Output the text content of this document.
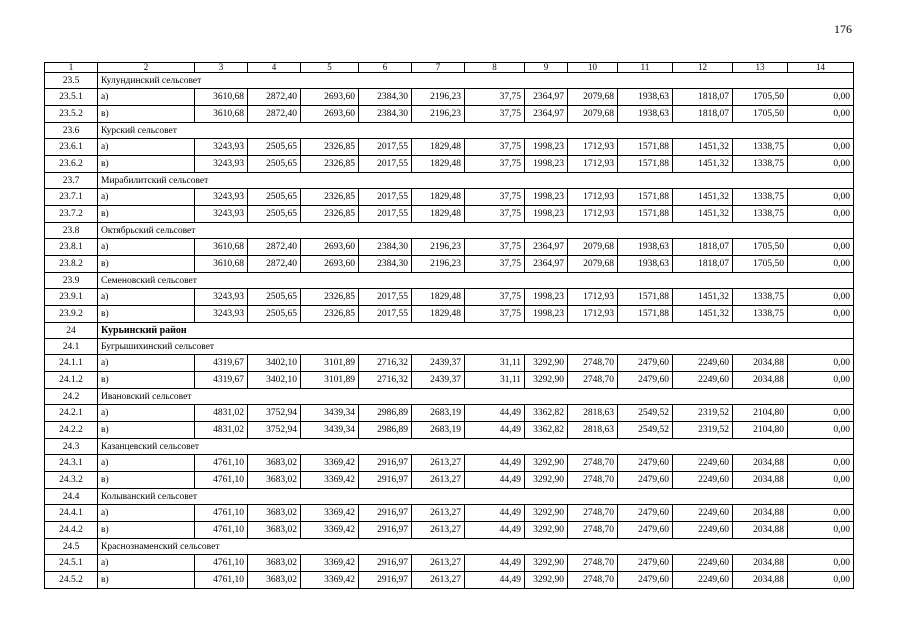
176
1	2	3	4	5	6	7	8	9	10	11	12	13	14
23.5	Кулундинский сельсовет												
23.5.1	а)	3610,68	2872,40	2693,60	2384,30	2196,23	37,75	2364,97	2079,68	1938,63	1818,07	1705,50	0,00
23.5.2	в)	3610,68	2872,40	2693,60	2384,30	2196,23	37,75	2364,97	2079,68	1938,63	1818,07	1705,50	0,00
23.6	Курский сельсовет												
23.6.1	а)	3243,93	2505,65	2326,85	2017,55	1829,48	37,75	1998,23	1712,93	1571,88	1451,32	1338,75	0,00
23.6.2	в)	3243,93	2505,65	2326,85	2017,55	1829,48	37,75	1998,23	1712,93	1571,88	1451,32	1338,75	0,00
23.7	Мирабилитский сельсовет												
23.7.1	а)	3243,93	2505,65	2326,85	2017,55	1829,48	37,75	1998,23	1712,93	1571,88	1451,32	1338,75	0,00
23.7.2	в)	3243,93	2505,65	2326,85	2017,55	1829,48	37,75	1998,23	1712,93	1571,88	1451,32	1338,75	0,00
23.8	Октябрьский сельсовет												
23.8.1	а)	3610,68	2872,40	2693,60	2384,30	2196,23	37,75	2364,97	2079,68	1938,63	1818,07	1705,50	0,00
23.8.2	в)	3610,68	2872,40	2693,60	2384,30	2196,23	37,75	2364,97	2079,68	1938,63	1818,07	1705,50	0,00
23.9	Семеновский сельсовет												
23.9.1	а)	3243,93	2505,65	2326,85	2017,55	1829,48	37,75	1998,23	1712,93	1571,88	1451,32	1338,75	0,00
23.9.2	в)	3243,93	2505,65	2326,85	2017,55	1829,48	37,75	1998,23	1712,93	1571,88	1451,32	1338,75	0,00
24	Курьинский район												
24.1	Бугрышихинский сельсовет												
24.1.1	а)	4319,67	3402,10	3101,89	2716,32	2439,37	31,11	3292,90	2748,70	2479,60	2249,60	2034,88	0,00
24.1.2	в)	4319,67	3402,10	3101,89	2716,32	2439,37	31,11	3292,90	2748,70	2479,60	2249,60	2034,88	0,00
24.2	Ивановский сельсовет												
24.2.1	а)	4831,02	3752,94	3439,34	2986,89	2683,19	44,49	3362,82	2818,63	2549,52	2319,52	2104,80	0,00
24.2.2	в)	4831,02	3752,94	3439,34	2986,89	2683,19	44,49	3362,82	2818,63	2549,52	2319,52	2104,80	0,00
24.3	Казанцевский сельсовет												
24.3.1	а)	4761,10	3683,02	3369,42	2916,97	2613,27	44,49	3292,90	2748,70	2479,60	2249,60	2034,88	0,00
24.3.2	в)	4761,10	3683,02	3369,42	2916,97	2613,27	44,49	3292,90	2748,70	2479,60	2249,60	2034,88	0,00
24.4	Колыванский сельсовет												
24.4.1	а)	4761,10	3683,02	3369,42	2916,97	2613,27	44,49	3292,90	2748,70	2479,60	2249,60	2034,88	0,00
24.4.2	в)	4761,10	3683,02	3369,42	2916,97	2613,27	44,49	3292,90	2748,70	2479,60	2249,60	2034,88	0,00
24.5	Краснознаменский сельсовет												
24.5.1	а)	4761,10	3683,02	3369,42	2916,97	2613,27	44,49	3292,90	2748,70	2479,60	2249,60	2034,88	0,00
24.5.2	в)	4761,10	3683,02	3369,42	2916,97	2613,27	44,49	3292,90	2748,70	2479,60	2249,60	2034,88	0,00
